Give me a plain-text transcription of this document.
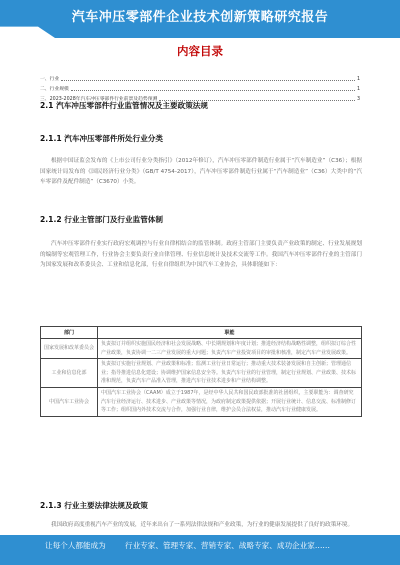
汽车冲压零部件企业技术创新策略研究报告
内容目录
一、行业	1
二、行业规模	1
三、2023-2028年汽车冲压零部件行业前景及趋势预测	3
2.1 汽车冲压零部件行业监管情况及主要政策法规
2.1.1 汽车冲压零部件所处行业分类
根据中国证监会发布的《上市公司行业分类指引》（2012年修订），汽车冲压零部件制造行业属于“汽车制造业”（C36）；根据国家统计局发布的《国民经济行业分类》（GB/T 4754-2017），汽车冲压零部件制造行业属于“汽车制造业”（C36）大类中的“汽车零部件及配件制造”（C3670）小类。
2.1.2 行业主管部门及行业监管体制
汽车冲压零部件行业实行政府宏观调控与行业自律相结合的监管体制。政府主管部门主要负责产业政策的制定、行业发展规划的编制等宏观管理工作，行业协会主要负责行业自律管理、行业信息统计及技术交流等工作。我国汽车冲压零部件行业的主管部门为国家发展和改革委员会、工业和信息化部，行业自律组织为中国汽车工业协会，具体职能如下：
部门	职能
国家发展和改革委员会	负责拟订并组织实施国民经济和社会发展战略、中长期规划和年度计划；推进经济结构战略性调整，组织拟订综合性产业政策，负责协调一二三产业发展的重大问题；负责汽车产业投资项目的审批和核准，制定汽车产业发展政策。
工业和信息化部	负责拟订实施行业规划、产业政策和标准；监测工业行业日常运行；推动重大技术装备发展和自主创新；管理通信业；指导推进信息化建设；协调维护国家信息安全等。负责汽车行业的行业管理，制定行业规划、产业政策、技术标准和规范，负责汽车产品准入管理，推进汽车行业技术进步和产业结构调整。
中国汽车工业协会	中国汽车工业协会（CAAM）成立于1987年，是经中华人民共和国民政部批准的社团组织，主要职能为：调查研究汽车行业经济运行、技术进步、产业政策等情况，为政府制定政策提供依据；开展行业统计、信息交流、标准制修订等工作；组织国内外技术交流与合作，加强行业自律，维护会员合法权益，推动汽车行业健康发展。
2.1.3 行业主要法律法规及政策
我国政府高度重视汽车产业的发展，近年来出台了一系列法律法规和产业政策，为行业的健康发展提供了良好的政策环境。
让每个人都能成为	行业专家、管理专家、营销专家、战略专家、成功企业家……
